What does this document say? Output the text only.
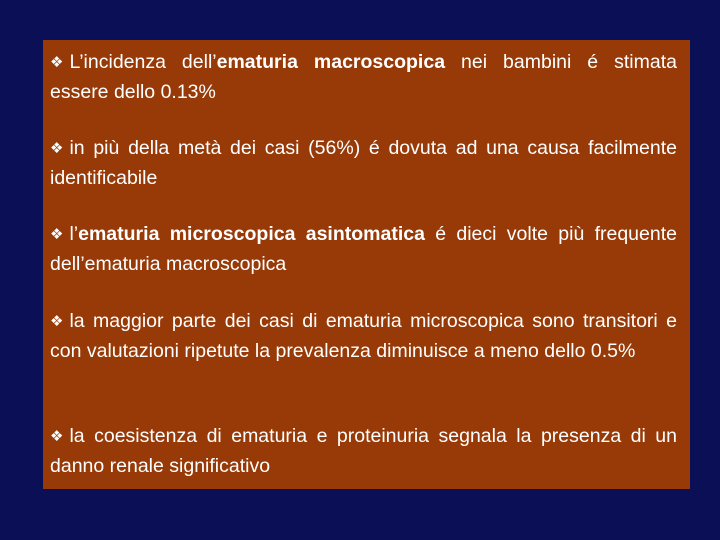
❖ L’incidenza dell’ematuria macroscopica nei bambini é stimata essere dello 0.13%

❖ in più della metà dei casi (56%) é dovuta ad una causa facilmente identificabile

❖ l’ematuria microscopica asintomatica é dieci volte più frequente dell’ematuria macroscopica

❖ la maggior parte dei casi di ematuria microscopica sono transitori e con valutazioni ripetute la prevalenza diminuisce a meno dello 0.5%

❖ la coesistenza di ematuria e proteinuria segnala la presenza di un danno renale significativo
